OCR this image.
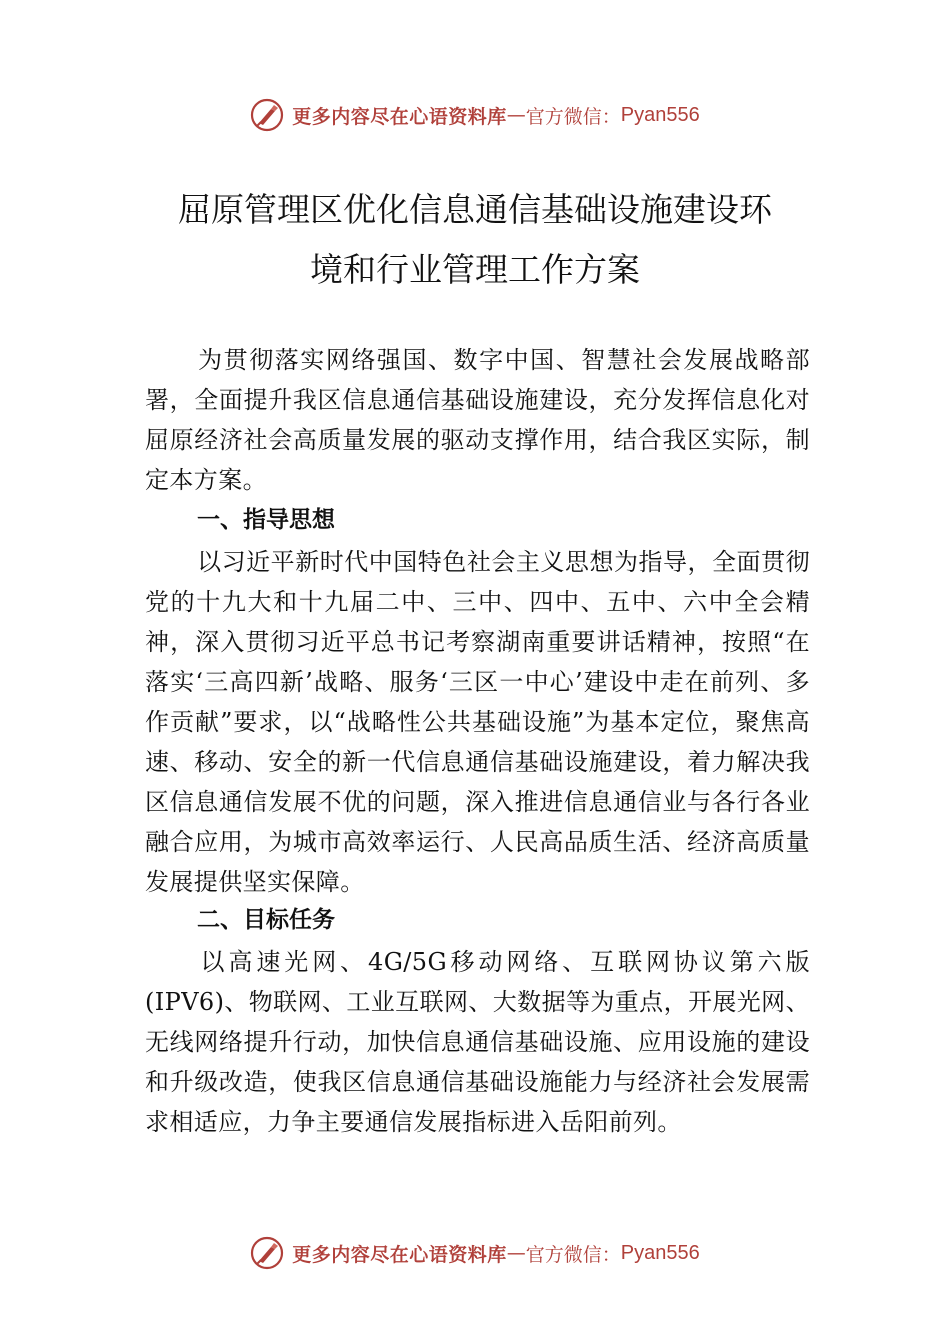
更多内容尽在心语资料库 — 官方微信： Pyan556
屈原管理区优化信息通信基础设施建设环
境和行业管理工作方案

为贯彻落实网络强国、数字中国、智慧社会发展战略部署，全面提升我区信息通信基础设施建设，充分发挥信息化对屈原经济社会高质量发展的驱动支撑作用，结合我区实际，制定本方案。

一、指导思想

以习近平新时代中国特色社会主义思想为指导，全面贯彻党的十九大和十九届二中、三中、四中、五中、六中全会精神，深入贯彻习近平总书记考察湖南重要讲话精神，按照“在落实‘三高四新’战略、服务‘三区一中心’建设中走在前列、多作贡献”要求，以“战略性公共基础设施”为基本定位，聚焦高速、移动、安全的新一代信息通信基础设施建设，着力解决我区信息通信发展不优的问题，深入推进信息通信业与各行各业融合应用，为城市高效率运行、人民高品质生活、经济高质量发展提供坚实保障。

二、目标任务

以高速光网、4G/5G移动网络、互联网协议第六版(IPV6)、物联网、工业互联网、大数据等为重点，开展光网、无线网络提升行动，加快信息通信基础设施、应用设施的建设和升级改造，使我区信息通信基础设施能力与经济社会发展需求相适应，力争主要通信发展指标进入岳阳前列。

更多内容尽在心语资料库 — 官方微信： Pyan556
